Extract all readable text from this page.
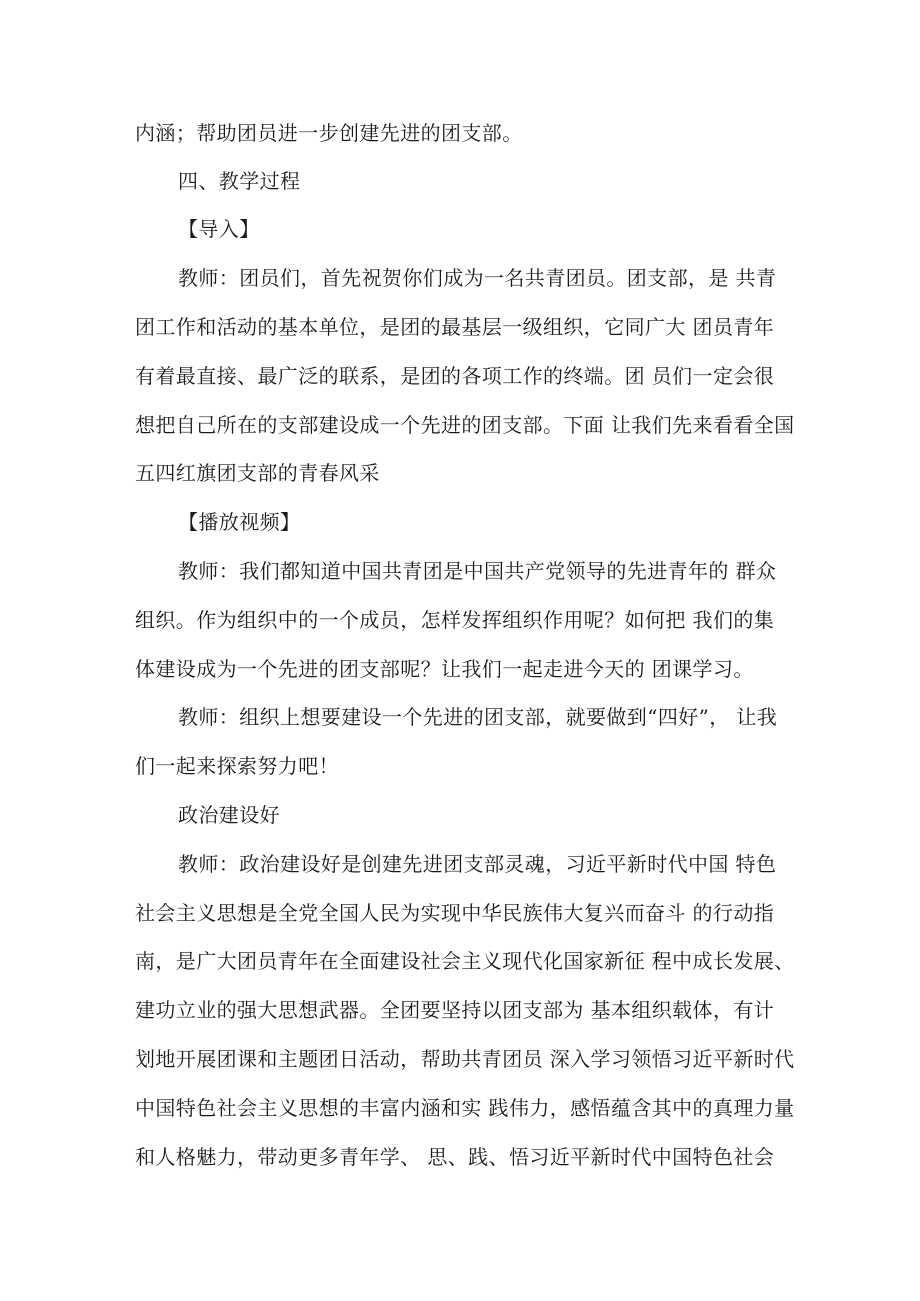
内涵；帮助团员进一步创建先进的团支部。
四、教学过程
【导入】
教师：团员们，首先祝贺你们成为一名共青团员。团支部，是 共青
团工作和活动的基本单位，是团的最基层一级组织，它同广大 团员青年
有着最直接、最广泛的联系，是团的各项工作的终端。团 员们一定会很
想把自己所在的支部建设成一个先进的团支部。下面 让我们先来看看全国
五四红旗团支部的青春风采
【播放视频】
教师：我们都知道中国共青团是中国共产党领导的先进青年的 群众
组织。作为组织中的一个成员，怎样发挥组织作用呢？如何把 我们的集
体建设成为一个先进的团支部呢？让我们一起走进今天的 团课学习。
教师：组织上想要建设一个先进的团支部，就要做到“四好”， 让我
们一起来探索努力吧！
政治建设好
教师：政治建设好是创建先进团支部灵魂，习近平新时代中国 特色
社会主义思想是全党全国人民为实现中华民族伟大复兴而奋斗 的行动指
南，是广大团员青年在全面建设社会主义现代化国家新征 程中成长发展、
建功立业的强大思想武器。全团要坚持以团支部为 基本组织载体，有计
划地开展团课和主题团日活动，帮助共青团员 深入学习领悟习近平新时代
中国特色社会主义思想的丰富内涵和实 践伟力，感悟蕴含其中的真理力量
和人格魅力，带动更多青年学、 思、践、悟习近平新时代中国特色社会
